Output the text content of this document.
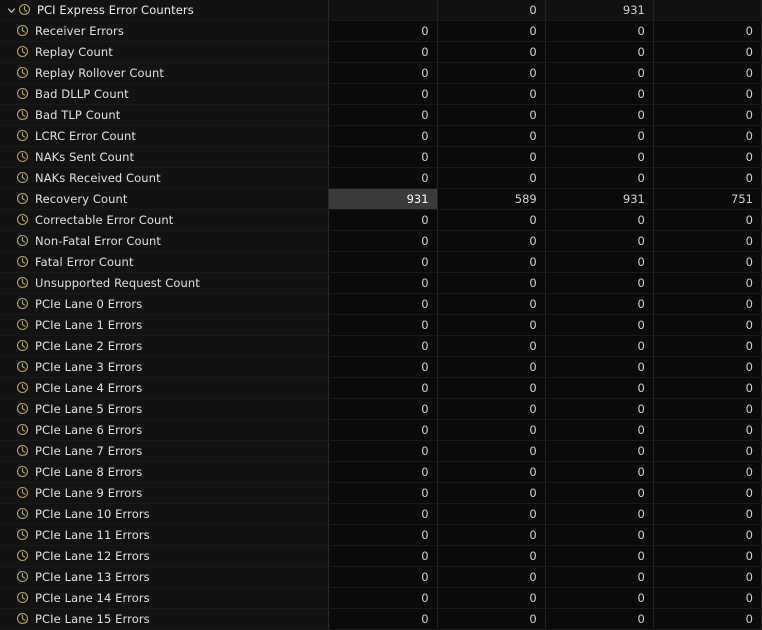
PCI Express Error Counters		0	931	

Receiver Errors	0	0	0	0

Replay Count	0	0	0	0

Replay Rollover Count	0	0	0	0

Bad DLLP Count	0	0	0	0

Bad TLP Count	0	0	0	0

LCRC Error Count	0	0	0	0

NAKs Sent Count	0	0	0	0

NAKs Received Count	0	0	0	0

Recovery Count	931	589	931	751

Correctable Error Count	0	0	0	0

Non-Fatal Error Count	0	0	0	0

Fatal Error Count	0	0	0	0

Unsupported Request Count	0	0	0	0

PCIe Lane 0 Errors	0	0	0	0

PCIe Lane 1 Errors	0	0	0	0

PCIe Lane 2 Errors	0	0	0	0

PCIe Lane 3 Errors	0	0	0	0

PCIe Lane 4 Errors	0	0	0	0

PCIe Lane 5 Errors	0	0	0	0

PCIe Lane 6 Errors	0	0	0	0

PCIe Lane 7 Errors	0	0	0	0

PCIe Lane 8 Errors	0	0	0	0

PCIe Lane 9 Errors	0	0	0	0

PCIe Lane 10 Errors	0	0	0	0

PCIe Lane 11 Errors	0	0	0	0

PCIe Lane 12 Errors	0	0	0	0

PCIe Lane 13 Errors	0	0	0	0

PCIe Lane 14 Errors	0	0	0	0

PCIe Lane 15 Errors	0	0	0	0
